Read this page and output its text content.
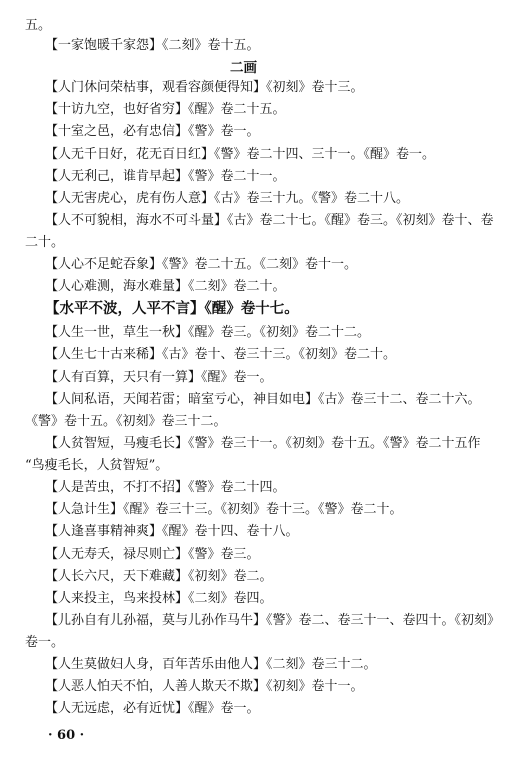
五。
【一家饱暖千家怨】《二刻》卷十五。
二画
【人门休问荣枯事，观看容颜便得知】《初刻》卷十三。
【十访九空，也好省穷】《醒》卷二十五。
【十室之邑，必有忠信】《警》卷一。
【人无千日好，花无百日红】《警》卷二十四、三十一。《醒》卷一。
【人无利己，谁肯早起】《警》卷二十一。
【人无害虎心，虎有伤人意】《古》卷三十九。《警》卷二十八。
【人不可貌相，海水不可斗量】《古》卷二十七。《醒》卷三。《初刻》卷十、卷
二十。
【人心不足蛇吞象】《警》卷二十五。《二刻》卷十一。
【人心难测，海水难量】《二刻》卷二十。
【水平不波，人平不言】《醒》卷十七。
【人生一世，草生一秋】《醒》卷三。《初刻》卷二十二。
【人生七十古来稀】《古》卷十、卷三十三。《初刻》卷二十。
【人有百算，天只有一算】《醒》卷一。
【人间私语，天闻若雷；暗室亏心，神目如电】《古》卷三十二、卷二十六。
《警》卷十五。《初刻》卷三十二。
【人贫智短，马瘦毛长】《警》卷三十一。《初刻》卷十五。《警》卷二十五作
“鸟瘦毛长，人贫智短”。
【人是苦虫，不打不招】《警》卷二十四。
【人急计生】《醒》卷三十三。《初刻》卷十三。《警》卷二十。
【人逢喜事精神爽】《醒》卷十四、卷十八。
【人无寿夭，禄尽则亡】《警》卷三。
【人长六尺，天下难藏】《初刻》卷二。
【人来投主，鸟来投林】《二刻》卷四。
【儿孙自有儿孙福，莫与儿孙作马牛】《警》卷二、卷三十一、卷四十。《初刻》
卷一。
【人生莫做妇人身，百年苦乐由他人】《二刻》卷三十二。
【人恶人怕天不怕，人善人欺天不欺】《初刻》卷十一。
【人无远虑，必有近忧】《醒》卷一。
· 60 ·
